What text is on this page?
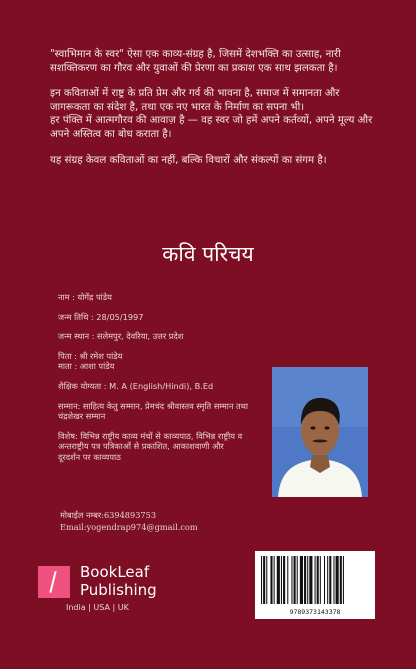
"स्वाभिमान के स्वर" ऐसा एक काव्य-संग्रह है, जिसमें देशभक्ति का उत्साह, नारी सशक्तिकरण का गौरव और युवाओं की प्रेरणा का प्रकाश एक साथ झलकता है।

इन कविताओं में राष्ट्र के प्रति प्रेम और गर्व की भावना है, समाज में समानता और जागरूकता का संदेश है, तथा एक नए भारत के निर्माण का सपना भी।

हर पंक्ति में आत्मगौरव की आवाज़ है — वह स्वर जो हमें अपने कर्तव्यों, अपने मूल्य और अपने अस्तित्व का बोध कराता है।

यह संग्रह केवल कविताओं का नहीं, बल्कि विचारों और संकल्पों का संगम है।

कवि परिचय
नाम : योगेंद्र पांडेय
जन्म तिथि : 28/05/1997
जन्म स्थान : सलेमपुर, देवरिया, उत्तर प्रदेश
पिता : श्री रमेश पांडेय
माता : आशा पांडेय
शैक्षिक योग्यता : M. A (English/Hindi), B.Ed
सम्मान: साहित्य केतु सम्मान, प्रेमचंद श्रीवास्तव स्मृति सम्मान तथा चंद्रशेखर सम्मान
विशेष: विभिन्न राष्ट्रीय काव्य मंचों से काव्यपाठ, विभिन्न राष्ट्रीय व अन्तराष्ट्रीय पत्र पत्रिकाओं से प्रकाशित, आकाशवाणी और दूरदर्शन पर काव्यपाठ
मोबाईल नम्बर:6394893753
Email:yogendrap974@gmail.com
BookLeaf
Publishing
India | USA | UK	9789373143378
